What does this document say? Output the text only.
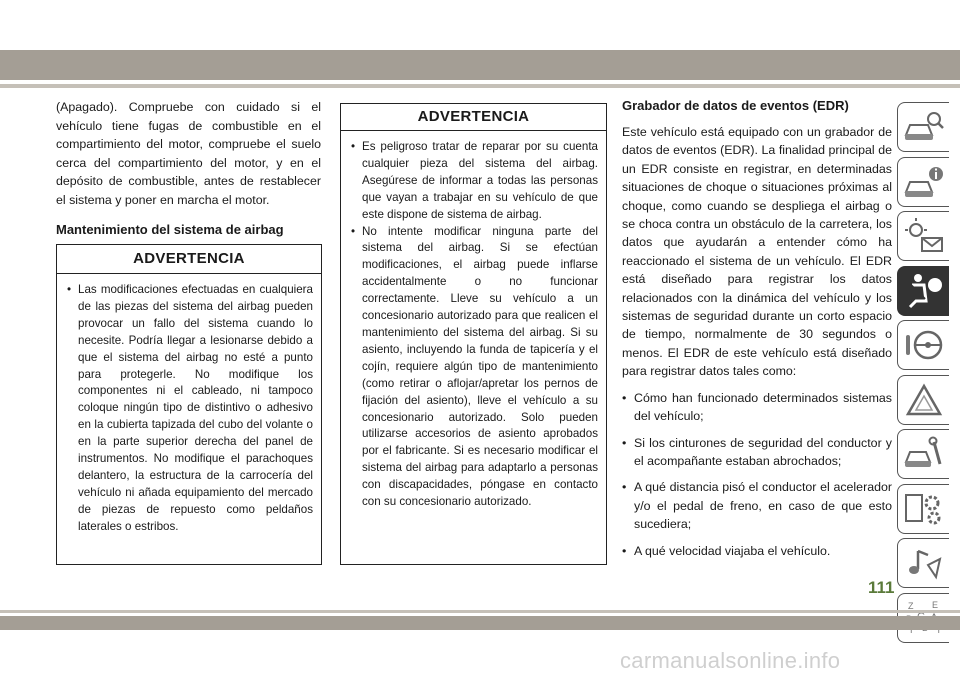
(Apagado). Compruebe con cuidado si el vehículo tiene fugas de combustible en el compartimiento del motor, compruebe el suelo cerca del compartimiento del motor, y en el depósito de combustible, antes de restablecer el sistema y poner en marcha el motor.

Mantenimiento del sistema de airbag

ADVERTENCIA
• Las modificaciones efectuadas en cualquiera de las piezas del sistema del airbag pueden provocar un fallo del sistema cuando lo necesite. Podría llegar a lesionarse debido a que el sistema del airbag no esté a punto para protegerle. No modifique los componentes ni el cableado, ni tampoco coloque ningún tipo de distintivo o adhesivo en la cubierta tapizada del cubo del volante o en la parte superior derecha del panel de instrumentos. No modifique el parachoques delantero, la estructura de la carrocería del vehículo ni añada equipamiento del mercado de piezas de repuesto como peldaños laterales o estribos.
ADVERTENCIA
• Es peligroso tratar de reparar por su cuenta cualquier pieza del sistema del airbag. Asegúrese de informar a todas las personas que vayan a trabajar en su vehículo de que este dispone de sistema de airbag.
• No intente modificar ninguna parte del sistema del airbag. Si se efectúan modificaciones, el airbag puede inflarse accidentalmente o no funcionar correctamente. Lleve su vehículo a un concesionario autorizado para que realicen el mantenimiento del sistema del airbag. Si su asiento, incluyendo la funda de tapicería y el cojín, requiere algún tipo de mantenimiento (como retirar o aflojar/apretar los pernos de fijación del asiento), lleve el vehículo a su concesionario autorizado. Solo pueden utilizarse accesorios de asiento aprobados por el fabricante. Si es necesario modificar el sistema del airbag para adaptarlo a personas con discapacidades, póngase en contacto con su concesionario autorizado.

Grabador de datos de eventos (EDR)

Este vehículo está equipado con un grabador de datos de eventos (EDR). La finalidad principal de un EDR consiste en registrar, en determinadas situaciones de choque o situaciones próximas al choque, como cuando se despliega el airbag o se choca contra un obstáculo de la carretera, los datos que ayudarán a entender cómo ha reaccionado el sistema de un vehículo. El EDR está diseñado para registrar los datos relacionados con la dinámica del vehículo y los sistemas de seguridad durante un corto espacio de tiempo, normalmente de 30 segundos o menos. El EDR de este vehículo está diseñado para registrar datos tales como:

• Cómo han funcionado determinados sistemas del vehículo;
• Si los cinturones de seguridad del conductor y el acompañante estaban abrochados;
• A qué distancia pisó el conductor el acelerador y/o el pedal de freno, en caso de que esto sucediera;
• A qué velocidad viajaba el vehículo.
Z E
111
carmanualsonline.info
